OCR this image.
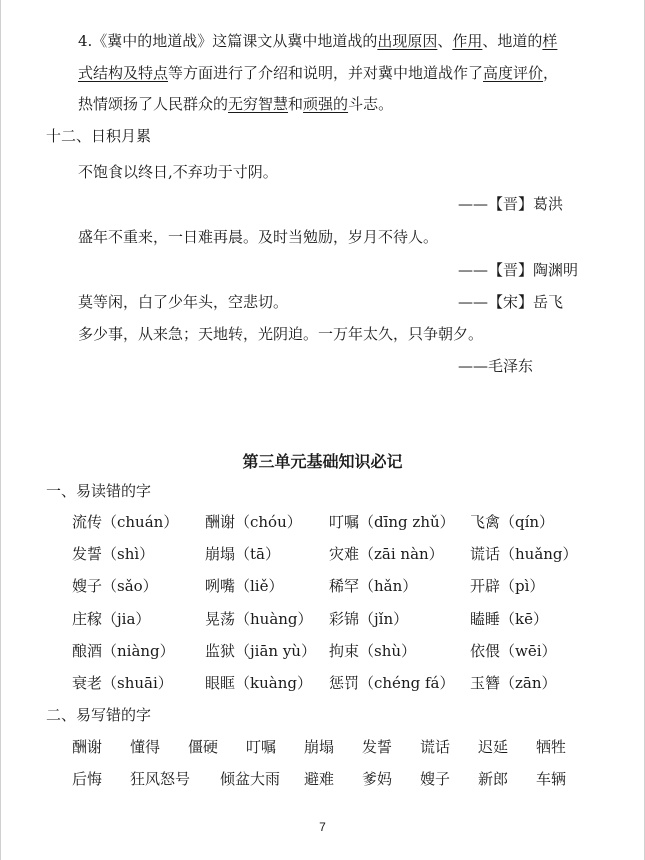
4.《冀中的地道战》这篇课文从冀中地道战的出现原因、作用、地道的样
式结构及特点等方面进行了介绍和说明，并对冀中地道战作了高度评价，
热情颂扬了人民群众的无穷智慧和顽强的斗志。
十二、日积月累
不饱食以终日,不弃功于寸阴。
——【晋】葛洪
盛年不重来，一日难再晨。及时当勉励，岁月不待人。
——【晋】陶渊明
莫等闲，白了少年头，空悲切。	——【宋】岳飞
多少事，从来急；天地转，光阴迫。一万年太久，只争朝夕。
——毛泽东
第三单元基础知识必记
一、易读错的字
流传（chuán） 酬谢（chóu） 叮嘱（dīng zhǔ） 飞禽（qín）
发誓（shì）	崩塌（tā）	灾难（zāi nàn） 谎话（huǎng）
嫂子（sǎo）	咧嘴（liě）	稀罕（hǎn）	开辟（pì）
庄稼（jia）	晃荡（huàng） 彩锦（jǐn）	瞌睡（kē）
酿酒（niàng） 监狱（jiān yù） 拘束（shù）	依偎（wēi）
衰老（shuāi） 眼眶（kuàng） 惩罚（chéng fá） 玉簪（zān）
二、易写错的字
酬谢 懂得 僵硬 叮嘱 崩塌 发誓 谎话 迟延 牺牲
后悔 狂风怒号 倾盆大雨 避难 爹妈 嫂子 新郎 车辆
7
